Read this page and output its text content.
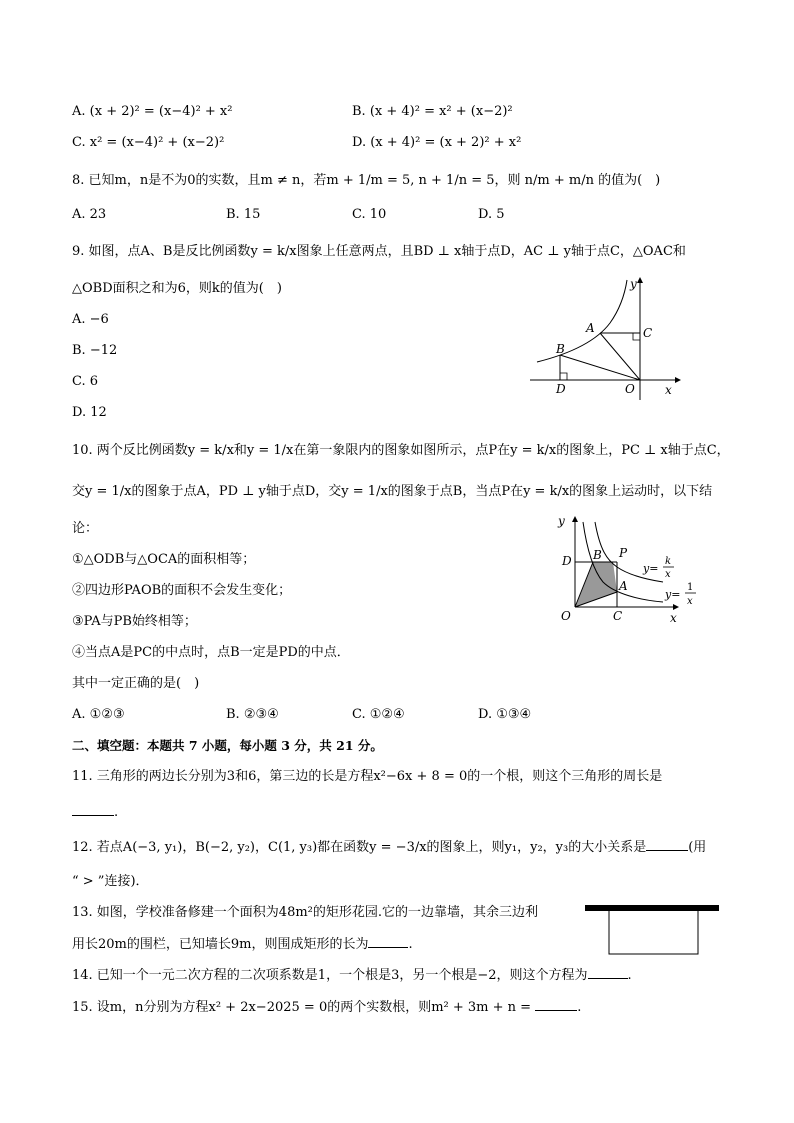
A. (x + 2)² = (x−4)² + x²	B. (x + 4)² = x² + (x−2)²
C. x² = (x−4)² + (x−2)²	D. (x + 4)² = (x + 2)² + x²
8. 已知m，n是不为0的实数，且m ≠ n，若m + 1/m = 5, n + 1/n = 5，则 n/m + m/n 的值为(　)
A. 23	B. 15	C. 10	D. 5
9. 如图，点A、B是反比例函数y = k/x图象上任意两点，且BD ⊥ x轴于点D，AC ⊥ y轴于点C，△OAC和
△OBD面积之和为6，则k的值为(　)
A. −6
B. −12
C. 6
D. 12
x
y
A	C
B
D	O
10. 两个反比例函数y = k/x和y = 1/x在第一象限内的图象如图所示，点P在y = k/x的图象上，PC ⊥ x轴于点C，
交y = 1/x的图象于点A，PD ⊥ y轴于点D，交y = 1/x的图象于点B，当点P在y = k/x的图象上运动时，以下结
论：
①△ODB与△OCA的面积相等；
②四边形PAOB的面积不会发生变化；
③PA与PB始终相等；
④当点A是PC的中点时，点B一定是PD的中点．
其中一定正确的是(　)
A. ①②③	B. ②③④	C. ①②④	D. ①③④
y
x
O
D B P
A
C
y=
k
x
y=
1
x
二、填空题：本题共 7 小题，每小题 3 分，共 21 分。
11. 三角形的两边长分别为3和6，第三边的长是方程x²−6x + 8 = 0的一个根，则这个三角形的周长是
.
12. 若点A(−3, y₁)，B(−2, y₂)，C(1, y₃)都在函数y = −3/x的图象上，则y₁，y₂，y₃的大小关系是	(用
“ > ”连接)．
13. 如图，学校准备修建一个面积为48m²的矩形花园.它的一边靠墙，其余三边利
用长20m的围栏，已知墙长9m，则围成矩形的长为	.
14. 已知一个一元二次方程的二次项系数是1，一个根是3，另一个根是−2，则这个方程为	.
15. 设m，n分别为方程x² + 2x−2025 = 0的两个实数根，则m² + 3m + n =	.
